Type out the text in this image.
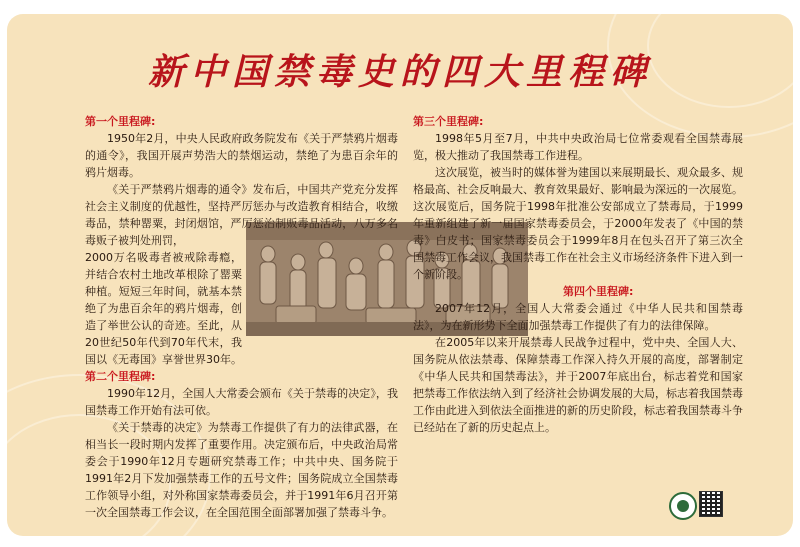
新中国禁毒史的四大里程碑
第一个里程碑:

1950年2月，中央人民政府政务院发布《关于严禁鸦片烟毒的通令》，我国开展声势浩大的禁烟运动，禁绝了为患百余年的鸦片烟毒。

《关于严禁鸦片烟毒的通令》发布后，中国共产党充分发挥社会主义制度的优越性，坚持严厉惩办与改造教育相结合，收缴毒品，禁种罂粟，封闭烟馆，严厉惩治制贩毒品活动，八万多名毒贩子被判处刑罚，

2000万名吸毒者被戒除毒瘾，并结合农村土地改革根除了罂粟种植。短短三年时间，就基本禁绝了为患百余年的鸦片烟毒，创造了举世公认的奇迹。至此，从20世纪50年代到70年代末，我国以《无毒国》享誉世界30年。

第二个里程碑:

1990年12月，全国人大常委会颁布《关于禁毒的决定》，我国禁毒工作开始有法可依。

《关于禁毒的决定》为禁毒工作提供了有力的法律武器，在相当长一段时期内发挥了重要作用。决定颁布后，中央政治局常委会于1990年12月专题研究禁毒工作；中共中央、国务院于1991年2月下发加强禁毒工作的五号文件；国务院成立全国禁毒工作领导小组，对外称国家禁毒委员会，并于1991年6月召开第一次全国禁毒工作会议，在全国范围全面部署加强了禁毒斗争。

第三个里程碑:

1998年5月至7月，中共中央政治局七位常委观看全国禁毒展览，极大推动了我国禁毒工作进程。

这次展览，被当时的媒体誉为建国以来展期最长、观众最多、规格最高、社会反响最大、教育效果最好、影响最为深远的一次展览。这次展览后，国务院于1998年批准公安部成立了禁毒局，于1999年重新组建了新一届国家禁毒委员会，于2000年发表了《中国的禁毒》白皮书；国家禁毒委员会于1999年8月在包头召开了第三次全国禁毒工作会议，我国禁毒工作在社会主义市场经济条件下进入到一个新阶段。

第四个里程碑:

2007年12月，全国人大常委会通过《中华人民共和国禁毒法》，为在新形势下全面加强禁毒工作提供了有力的法律保障。

在2005年以来开展禁毒人民战争过程中，党中央、全国人大、国务院从依法禁毒、保障禁毒工作深入持久开展的高度，部署制定《中华人民共和国禁毒法》，并于2007年底出台，标志着党和国家把禁毒工作依法纳入到了经济社会协调发展的大局，标志着我国禁毒工作由此进入到依法全面推进的新的历史阶段，标志着我国禁毒斗争已经站在了新的历史起点上。
